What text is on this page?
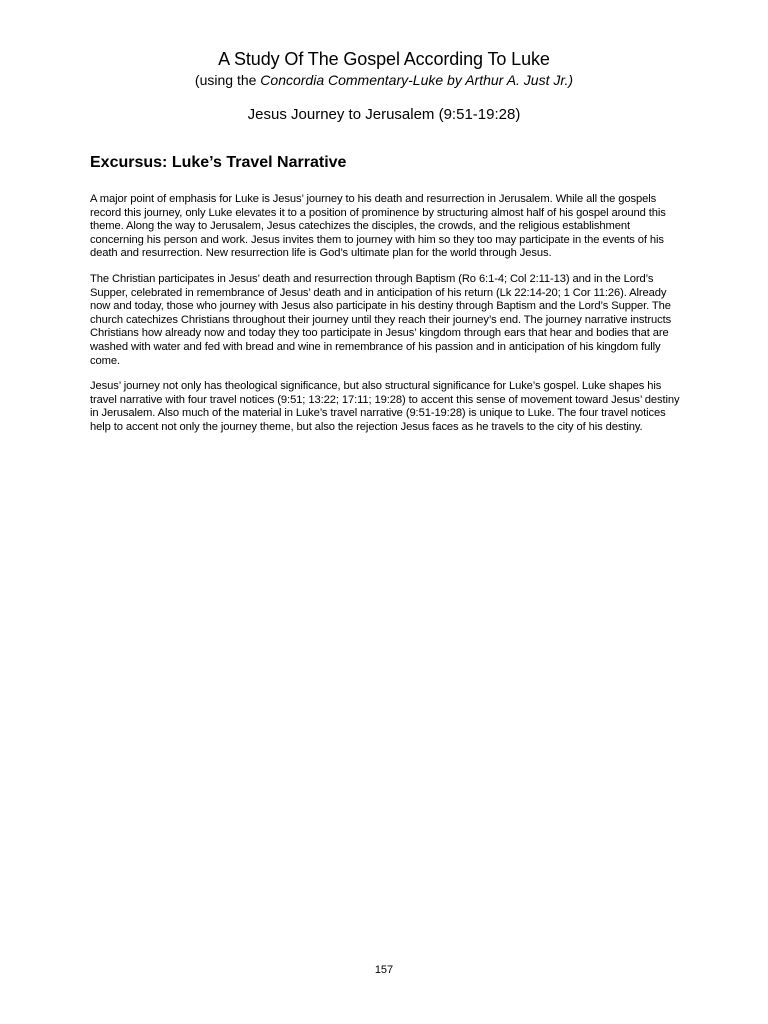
A Study Of The Gospel According To Luke
(using the Concordia Commentary-Luke by Arthur A. Just Jr.)
Jesus Journey to Jerusalem (9:51-19:28)
Excursus: Luke’s Travel Narrative

A major point of emphasis for Luke is Jesus’ journey to his death and resurrection in Jerusalem. While all the gospels record this journey, only Luke elevates it to a position of prominence by structuring almost half of his gospel around this theme. Along the way to Jerusalem, Jesus catechizes the disciples, the crowds, and the religious establishment concerning his person and work. Jesus invites them to journey with him so they too may participate in the events of his death and resurrection. New resurrection life is God’s ultimate plan for the world through Jesus.

The Christian participates in Jesus’ death and resurrection through Baptism (Ro 6:1-4; Col 2:11-13) and in the Lord’s Supper, celebrated in remembrance of Jesus’ death and in anticipation of his return (Lk 22:14-20; 1 Cor 11:26). Already now and today, those who journey with Jesus also participate in his destiny through Baptism and the Lord’s Supper. The church catechizes Christians throughout their journey until they reach their journey’s end. The journey narrative instructs Christians how already now and today they too participate in Jesus’ kingdom through ears that hear and bodies that are washed with water and fed with bread and wine in remembrance of his passion and in anticipation of his kingdom fully come.

Jesus’ journey not only has theological significance, but also structural significance for Luke’s gospel. Luke shapes his travel narrative with four travel notices (9:51; 13:22; 17:11; 19:28) to accent this sense of movement toward Jesus’ destiny in Jerusalem. Also much of the material in Luke’s travel narrative (9:51-19:28) is unique to Luke. The four travel notices help to accent not only the journey theme, but also the rejection Jesus faces as he travels to the city of his destiny.

157
